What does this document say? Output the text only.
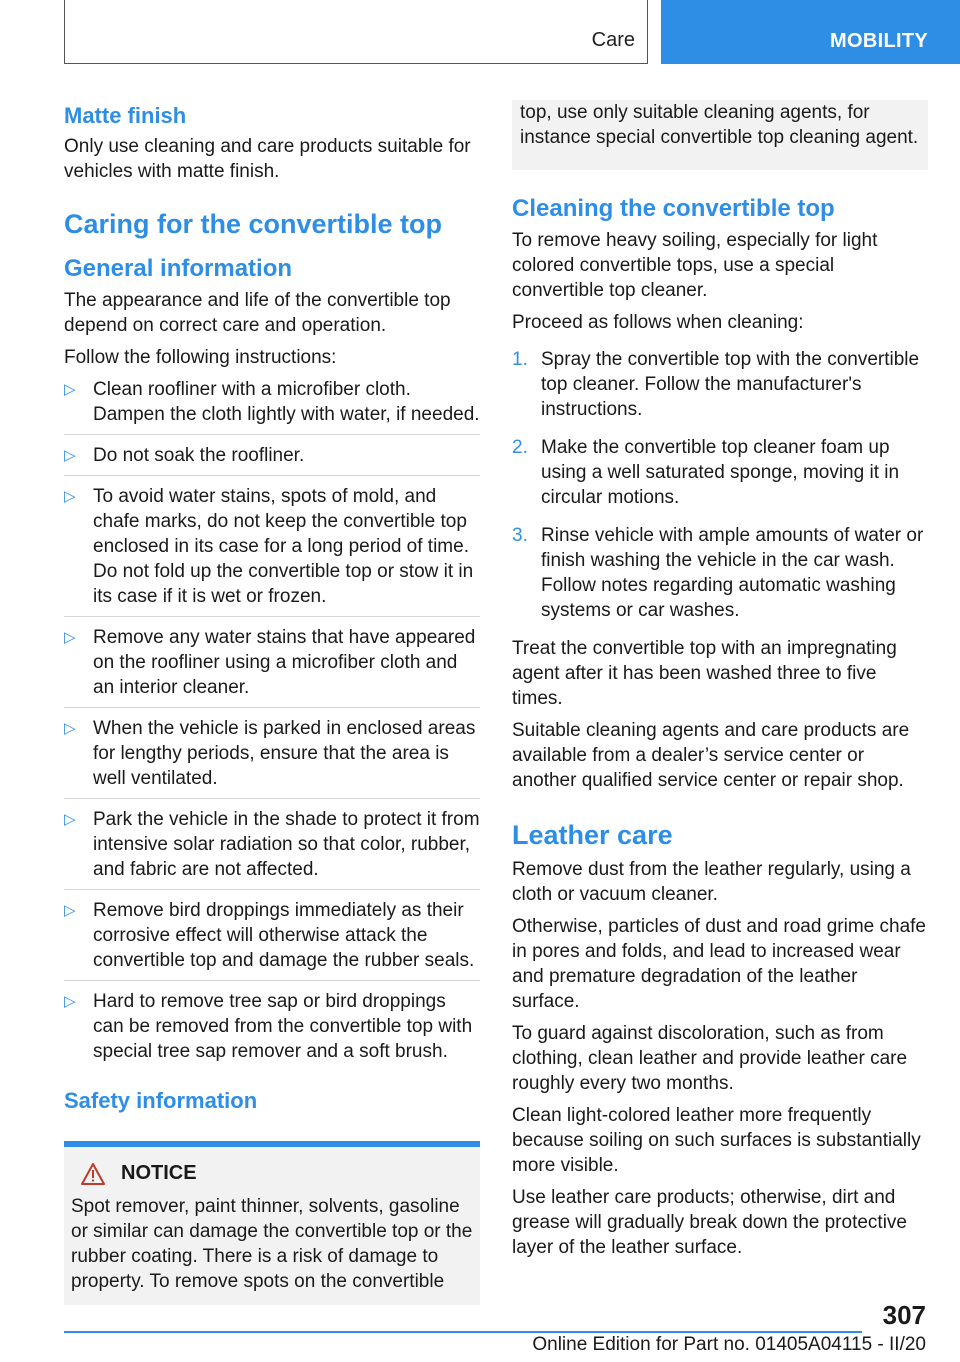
Care	MOBILITY
Matte finish

Only use cleaning and care products suitable for vehicles with matte finish.

Caring for the convertible top
General information

The appearance and life of the convertible top depend on correct care and operation.

Follow the following instructions:

▷ Clean roofliner with a microfiber cloth. Dampen the cloth lightly with water, if needed.
▷ Do not soak the roofliner.
▷ To avoid water stains, spots of mold, and chafe marks, do not keep the convertible top enclosed in its case for a long period of time. Do not fold up the convertible top or stow it in its case if it is wet or frozen.
▷ Remove any water stains that have appeared on the roofliner using a microfiber cloth and an interior cleaner.
▷ When the vehicle is parked in enclosed areas for lengthy periods, ensure that the area is well ventilated.
▷ Park the vehicle in the shade to protect it from intensive solar radiation so that color, rubber, and fabric are not affected.
▷ Remove bird droppings immediately as their corrosive effect will otherwise attack the convertible top and damage the rubber seals.
▷ Hard to remove tree sap or bird droppings can be removed from the convertible top with special tree sap remover and a soft brush.
Safety information
NOTICE

Spot remover, paint thinner, solvents, gasoline or similar can damage the convertible top or the rubber coating. There is a risk of damage to property. To remove spots on the convertible

top, use only suitable cleaning agents, for instance special convertible top cleaning agent.

Cleaning the convertible top

To remove heavy soiling, especially for light colored convertible tops, use a special convertible top cleaner.

Proceed as follows when cleaning:

1. Spray the convertible top with the convertible top cleaner. Follow the manufacturer's instructions.
2. Make the convertible top cleaner foam up using a well saturated sponge, moving it in circular motions.
3. Rinse vehicle with ample amounts of water or finish washing the vehicle in the car wash. Follow notes regarding automatic washing systems or car washes.

Treat the convertible top with an impregnating agent after it has been washed three to five times.

Suitable cleaning agents and care products are available from a dealer’s service center or another qualified service center or repair shop.

Leather care

Remove dust from the leather regularly, using a cloth or vacuum cleaner.

Otherwise, particles of dust and road grime chafe in pores and folds, and lead to increased wear and premature degradation of the leather surface.

To guard against discoloration, such as from clothing, clean leather and provide leather care roughly every two months.

Clean light-colored leather more frequently because soiling on such surfaces is substantially more visible.

Use leather care products; otherwise, dirt and grease will gradually break down the protective layer of the leather surface.

307
Online Edition for Part no. 01405A04115 - II/20
